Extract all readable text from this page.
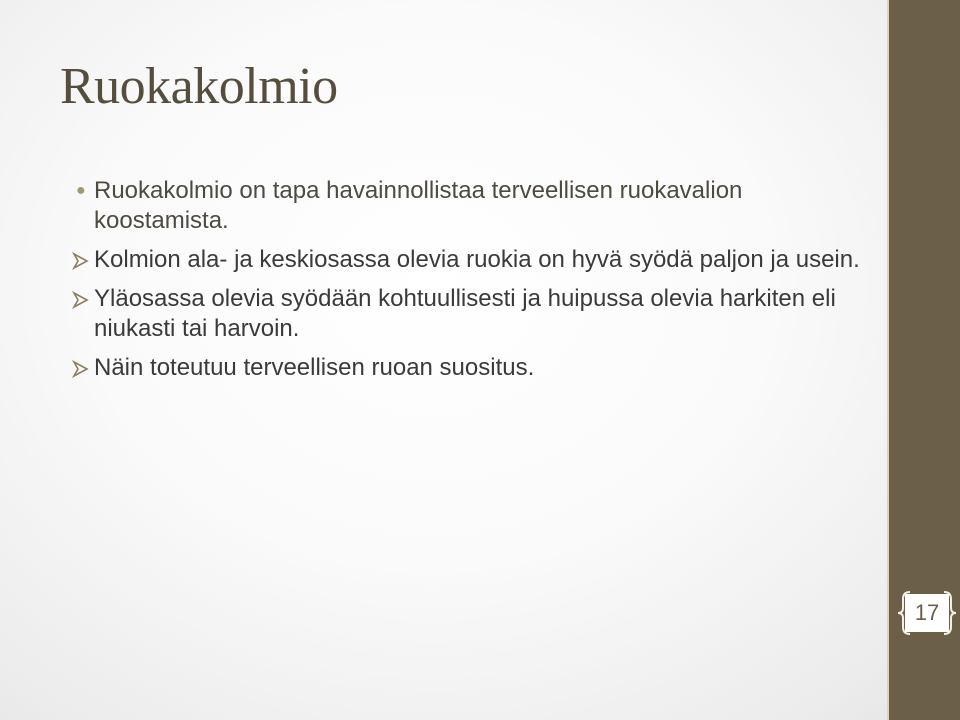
Ruokakolmio
● Ruokakolmio on tapa havainnollistaa terveellisen ruokavalion koostamista.
Kolmion ala- ja keskiosassa olevia ruokia on hyvä syödä paljon ja usein.
Yläosassa olevia syödään kohtuullisesti ja huipussa olevia harkiten eli niukasti tai harvoin.
Näin toteutuu terveellisen ruoan suositus.
17
